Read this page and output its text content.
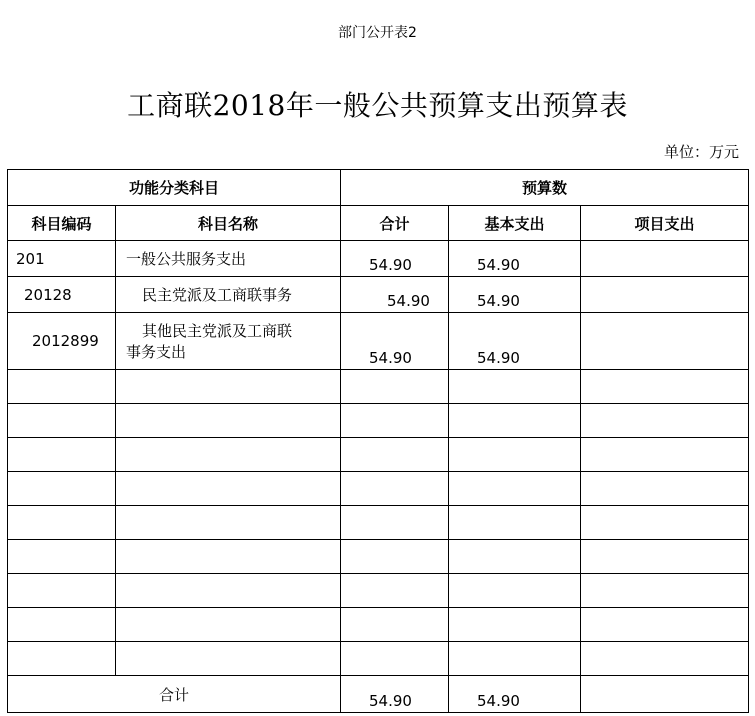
部门公开表2
工商联2018年一般公共预算支出预算表
单位：万元
功能分类科目		预算数		
科目编码	科目名称	合计	基本支出	项目支出
201	一般公共服务支出	54.90	54.90	
20128	民主党派及工商联事务	54.90	54.90	
2012899	其他民主党派及工商联
事务支出	54.90	54.90	

合计		54.90	54.90	
